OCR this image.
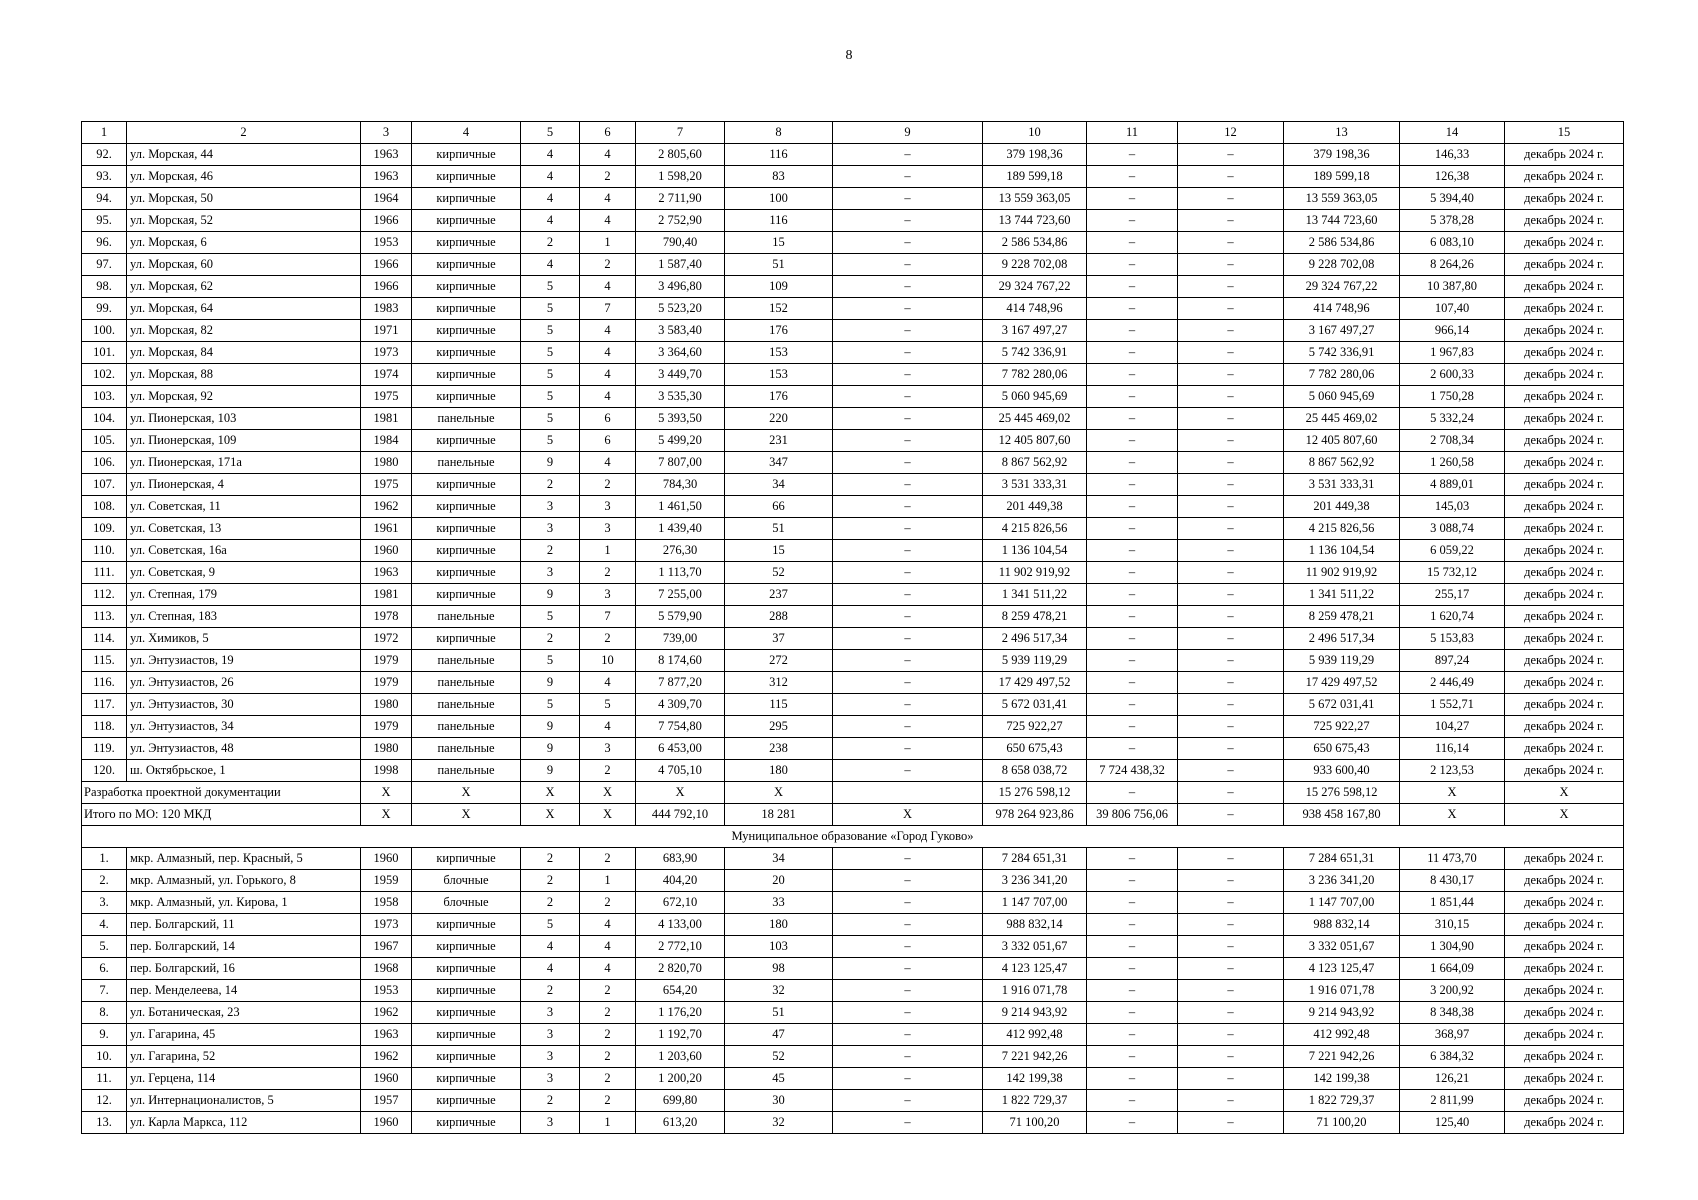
8
1	2	3	4	5	6	7	8	9	10	11	12	13	14	15
92.	ул. Морская, 44	1963	кирпичные	4	4	2 805,60	116	–	379 198,36	–	–	379 198,36	146,33	декабрь 2024 г.
93.	ул. Морская, 46	1963	кирпичные	4	2	1 598,20	83	–	189 599,18	–	–	189 599,18	126,38	декабрь 2024 г.
94.	ул. Морская, 50	1964	кирпичные	4	4	2 711,90	100	–	13 559 363,05	–	–	13 559 363,05	5 394,40	декабрь 2024 г.
95.	ул. Морская, 52	1966	кирпичные	4	4	2 752,90	116	–	13 744 723,60	–	–	13 744 723,60	5 378,28	декабрь 2024 г.
96.	ул. Морская, 6	1953	кирпичные	2	1	790,40	15	–	2 586 534,86	–	–	2 586 534,86	6 083,10	декабрь 2024 г.
97.	ул. Морская, 60	1966	кирпичные	4	2	1 587,40	51	–	9 228 702,08	–	–	9 228 702,08	8 264,26	декабрь 2024 г.
98.	ул. Морская, 62	1966	кирпичные	5	4	3 496,80	109	–	29 324 767,22	–	–	29 324 767,22	10 387,80	декабрь 2024 г.
99.	ул. Морская, 64	1983	кирпичные	5	7	5 523,20	152	–	414 748,96	–	–	414 748,96	107,40	декабрь 2024 г.
100.	ул. Морская, 82	1971	кирпичные	5	4	3 583,40	176	–	3 167 497,27	–	–	3 167 497,27	966,14	декабрь 2024 г.
101.	ул. Морская, 84	1973	кирпичные	5	4	3 364,60	153	–	5 742 336,91	–	–	5 742 336,91	1 967,83	декабрь 2024 г.
102.	ул. Морская, 88	1974	кирпичные	5	4	3 449,70	153	–	7 782 280,06	–	–	7 782 280,06	2 600,33	декабрь 2024 г.
103.	ул. Морская, 92	1975	кирпичные	5	4	3 535,30	176	–	5 060 945,69	–	–	5 060 945,69	1 750,28	декабрь 2024 г.
104.	ул. Пионерская, 103	1981	панельные	5	6	5 393,50	220	–	25 445 469,02	–	–	25 445 469,02	5 332,24	декабрь 2024 г.
105.	ул. Пионерская, 109	1984	кирпичные	5	6	5 499,20	231	–	12 405 807,60	–	–	12 405 807,60	2 708,34	декабрь 2024 г.
106.	ул. Пионерская, 171а	1980	панельные	9	4	7 807,00	347	–	8 867 562,92	–	–	8 867 562,92	1 260,58	декабрь 2024 г.
107.	ул. Пионерская, 4	1975	кирпичные	2	2	784,30	34	–	3 531 333,31	–	–	3 531 333,31	4 889,01	декабрь 2024 г.
108.	ул. Советская, 11	1962	кирпичные	3	3	1 461,50	66	–	201 449,38	–	–	201 449,38	145,03	декабрь 2024 г.
109.	ул. Советская, 13	1961	кирпичные	3	3	1 439,40	51	–	4 215 826,56	–	–	4 215 826,56	3 088,74	декабрь 2024 г.
110.	ул. Советская, 16а	1960	кирпичные	2	1	276,30	15	–	1 136 104,54	–	–	1 136 104,54	6 059,22	декабрь 2024 г.
111.	ул. Советская, 9	1963	кирпичные	3	2	1 113,70	52	–	11 902 919,92	–	–	11 902 919,92	15 732,12	декабрь 2024 г.
112.	ул. Степная, 179	1981	кирпичные	9	3	7 255,00	237	–	1 341 511,22	–	–	1 341 511,22	255,17	декабрь 2024 г.
113.	ул. Степная, 183	1978	панельные	5	7	5 579,90	288	–	8 259 478,21	–	–	8 259 478,21	1 620,74	декабрь 2024 г.
114.	ул. Химиков, 5	1972	кирпичные	2	2	739,00	37	–	2 496 517,34	–	–	2 496 517,34	5 153,83	декабрь 2024 г.
115.	ул. Энтузиастов, 19	1979	панельные	5	10	8 174,60	272	–	5 939 119,29	–	–	5 939 119,29	897,24	декабрь 2024 г.
116.	ул. Энтузиастов, 26	1979	панельные	9	4	7 877,20	312	–	17 429 497,52	–	–	17 429 497,52	2 446,49	декабрь 2024 г.
117.	ул. Энтузиастов, 30	1980	панельные	5	5	4 309,70	115	–	5 672 031,41	–	–	5 672 031,41	1 552,71	декабрь 2024 г.
118.	ул. Энтузиастов, 34	1979	панельные	9	4	7 754,80	295	–	725 922,27	–	–	725 922,27	104,27	декабрь 2024 г.
119.	ул. Энтузиастов, 48	1980	панельные	9	3	6 453,00	238	–	650 675,43	–	–	650 675,43	116,14	декабрь 2024 г.
120.	ш. Октябрьское, 1	1998	панельные	9	2	4 705,10	180	–	8 658 038,72	7 724 438,32	–	933 600,40	2 123,53	декабрь 2024 г.
Разработка проектной документации		X	X	X	X	X	X		15 276 598,12	–	–	15 276 598,12	X	X
Итого по МО: 120 МКД		X	X	X	X	444 792,10	18 281	X	978 264 923,86	39 806 756,06	–	938 458 167,80	X	X
Муниципальное образование «Город Гуково»														
1.	мкр. Алмазный, пер. Красный, 5	1960	кирпичные	2	2	683,90	34	–	7 284 651,31	–	–	7 284 651,31	11 473,70	декабрь 2024 г.
2.	мкр. Алмазный, ул. Горького, 8	1959	блочные	2	1	404,20	20	–	3 236 341,20	–	–	3 236 341,20	8 430,17	декабрь 2024 г.
3.	мкр. Алмазный, ул. Кирова, 1	1958	блочные	2	2	672,10	33	–	1 147 707,00	–	–	1 147 707,00	1 851,44	декабрь 2024 г.
4.	пер. Болгарский, 11	1973	кирпичные	5	4	4 133,00	180	–	988 832,14	–	–	988 832,14	310,15	декабрь 2024 г.
5.	пер. Болгарский, 14	1967	кирпичные	4	4	2 772,10	103	–	3 332 051,67	–	–	3 332 051,67	1 304,90	декабрь 2024 г.
6.	пер. Болгарский, 16	1968	кирпичные	4	4	2 820,70	98	–	4 123 125,47	–	–	4 123 125,47	1 664,09	декабрь 2024 г.
7.	пер. Менделеева, 14	1953	кирпичные	2	2	654,20	32	–	1 916 071,78	–	–	1 916 071,78	3 200,92	декабрь 2024 г.
8.	ул. Ботаническая, 23	1962	кирпичные	3	2	1 176,20	51	–	9 214 943,92	–	–	9 214 943,92	8 348,38	декабрь 2024 г.
9.	ул. Гагарина, 45	1963	кирпичные	3	2	1 192,70	47	–	412 992,48	–	–	412 992,48	368,97	декабрь 2024 г.
10.	ул. Гагарина, 52	1962	кирпичные	3	2	1 203,60	52	–	7 221 942,26	–	–	7 221 942,26	6 384,32	декабрь 2024 г.
11.	ул. Герцена, 114	1960	кирпичные	3	2	1 200,20	45	–	142 199,38	–	–	142 199,38	126,21	декабрь 2024 г.
12.	ул. Интернационалистов, 5	1957	кирпичные	2	2	699,80	30	–	1 822 729,37	–	–	1 822 729,37	2 811,99	декабрь 2024 г.
13.	ул. Карла Маркса, 112	1960	кирпичные	3	1	613,20	32	–	71 100,20	–	–	71 100,20	125,40	декабрь 2024 г.
